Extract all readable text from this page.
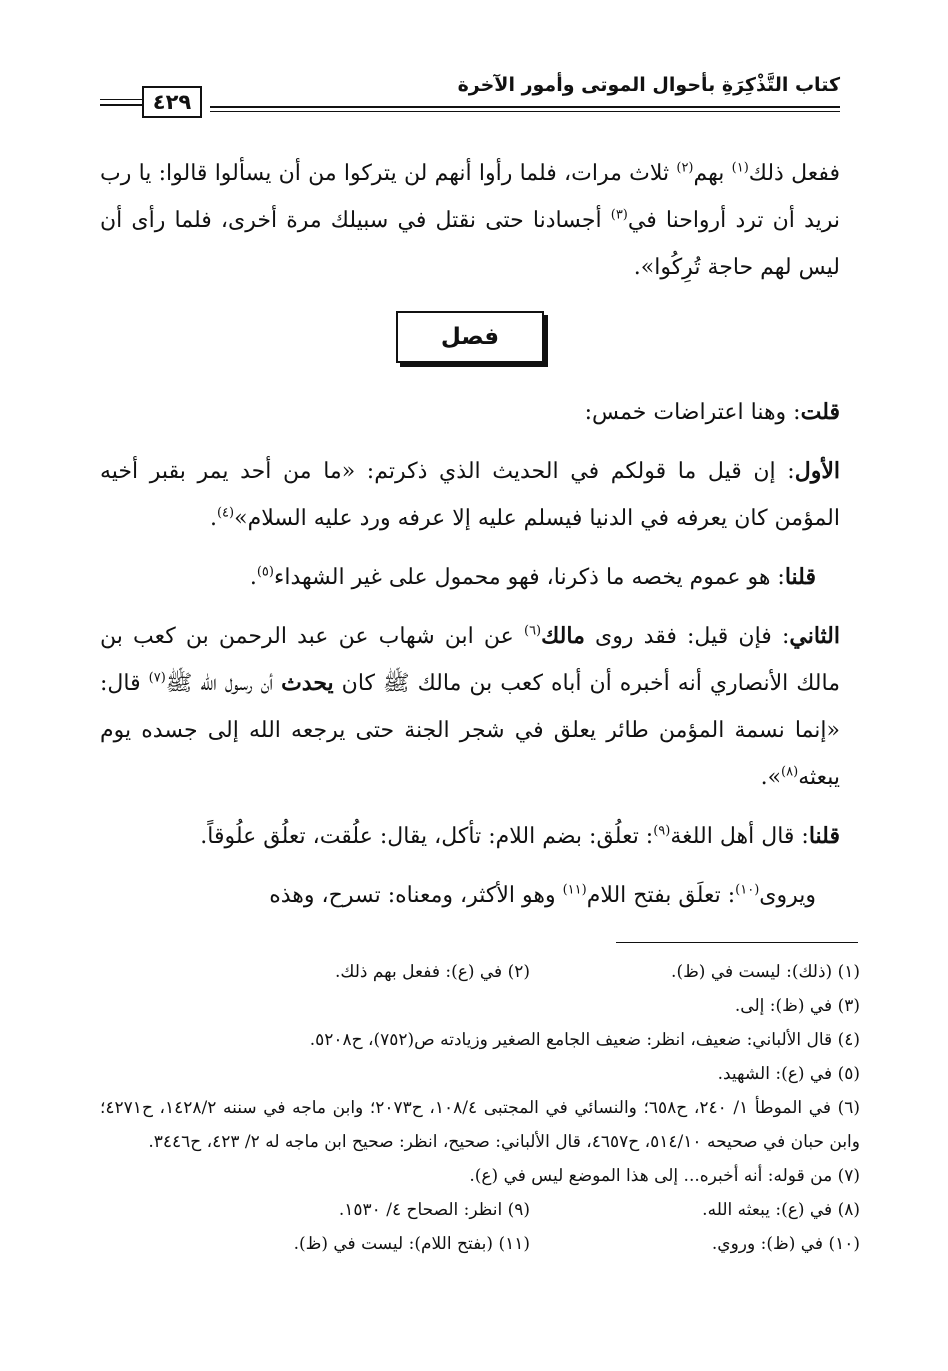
كتاب التَّذْكِرَةِ بأحوال الموتى وأمور الآخرة
٤٢٩

ففعل ذلك$^{(١)}$ بهم$^{(٢)}$ ثلاث مرات، فلما رأوا أنهم لن يتركوا من أن يسألوا قالوا: يا رب نريد أن ترد أرواحنا في$^{(٣)}$ أجسادنا حتى نقتل في سبيلك مرة أخرى، فلما رأى أن ليس لهم حاجة تُرِكُوا».

فصل

قلت: وهنا اعتراضات خمس:

الأول: إن قيل ما قولكم في الحديث الذي ذكرتم: «ما من أحد يمر بقبر أخيه المؤمن كان يعرفه في الدنيا فيسلم عليه إلا عرفه ورد عليه السلام»$^{(٤)}$.

قلنا: هو عموم يخصه ما ذكرنا، فهو محمول على غير الشهداء$^{(٥)}$.

الثاني: فإن قيل: فقد روى مالك$^{(٦)}$ عن ابن شهاب عن عبد الرحمن بن كعب بن مالك الأنصاري أنه أخبره أن أباه كعب بن مالك ﷺ كان يحدث أن رسول الله ﷺ$^{(٧)}$ قال: «إنما نسمة المؤمن طائر يعلق في شجر الجنة حتى يرجعه الله إلى جسده يوم يبعثه$^{(٨)}$».

قلنا: قال أهل اللغة$^{(٩)}$: تعلُق: بضم اللام: تأكل، يقال: علُقت، تعلُق علُوقاً.

ويروى$^{(١٠)}$: تعلَق بفتح اللام$^{(١١)}$ وهو الأكثر، ومعناه: تسرح، وهذه

(١) (ذلك): ليست في (ظ).
(٢) في (ع): ففعل بهم ذلك.
(٣) في (ظ): إلى.
(٤) قال الألباني: ضعيف، انظر: ضعيف الجامع الصغير وزيادته ص(٧٥٢)، ح٥٢٠٨.
(٥) في (ع): الشهيد.
(٦) في الموطأ ١/ ٢٤٠، ح٦٥٨؛ والنسائي في المجتبى ١٠٨/٤، ح٢٠٧٣؛ وابن ماجه في سننه ١٤٢٨/٢، ح٤٢٧١؛ وابن حبان في صحيحه ٥١٤/١٠، ح٤٦٥٧، قال الألباني: صحيح، انظر: صحيح ابن ماجه له ٢/ ٤٢٣، ح٣٤٤٦.
(٧) من قوله: أنه أخبره... إلى هذا الموضع ليس في (ع).
(٨) في (ع): يبعثه الله.
(٩) انظر: الصحاح ٤/ ١٥٣٠.
(١٠) في (ظ): وروي.
(١١) (بفتح اللام): ليست في (ظ).
